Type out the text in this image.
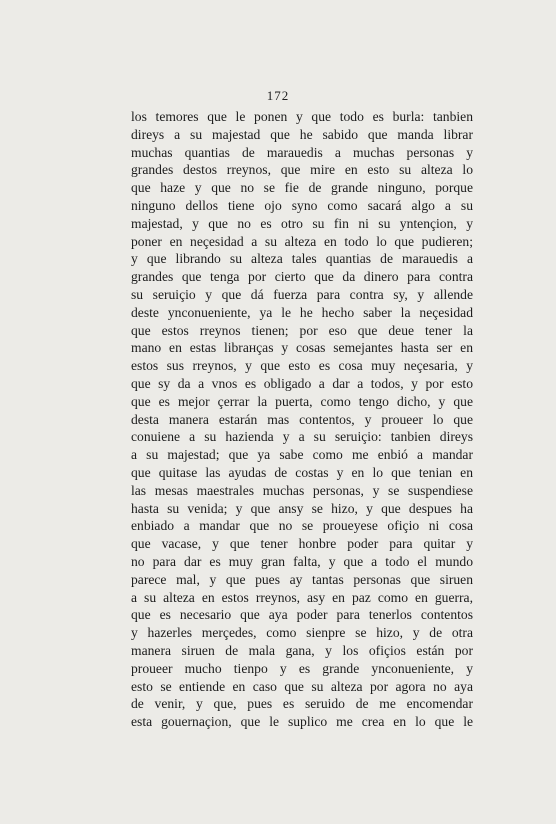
172
los temores que le ponen y que todo es burla: tanbien
direys a su majestad que he sabido que manda librar
muchas quantias de marauedis a muchas personas y
grandes destos rreynos, que mire en esto su alteza lo
que haze y que no se fie de grande ninguno, porque
ninguno dellos tiene ojo syno como sacará algo a su
majestad, y que no es otro su fin ni su yntençion, y
poner en neçesidad a su alteza en todo lo que pudieren;
y que librando su alteza tales quantias de marauedis a
grandes que tenga por cierto que da dinero para contra
su seruiçio y que dá fuerza para contra sy, y allende
deste ynconueniente, ya le he hecho saber la neçesidad
que estos rreynos tienen; por eso que deue tener la
mano en estas librанças y cosas semejantes hasta ser en
estos sus rreynos, y que esto es cosa muy neçesaria, y
que sy da a vnos es obligado a dar a todos, y por esto
que es mejor çerrar la puerta, como tengo dicho, y que
desta manera estarán mas contentos, y proueer lo que
conuiene a su hazienda y a su seruiçio: tanbien direys
a su majestad; que ya sabe como me enbió a mandar
que quitase las ayudas de costas y en lo que tenian en
las mesas maestrales muchas personas, y se suspendiese
hasta su venida; y que ansy se hizo, y que despues ha
enbiado a mandar que no se proueyese ofiçio ni cosa
que vacase, y que tener honbre poder para quitar y
no para dar es muy gran falta, y que a todo el mundo
parece mal, y que pues ay tantas personas que siruen
a su alteza en estos rreynos, asy en paz como en guerra,
que es necesario que aya poder para tenerlos contentos
y hazerles merçedes, como sienpre se hizo, y de otra
manera siruen de mala gana, y los ofiçios están por
proueer mucho tienpo y es grande ynconueniente, y
esto se entiende en caso que su alteza por agora no aya
de venir, y que, pues es seruido de me encomendar
esta gouernaçion, que le suplico me crea en lo que le
